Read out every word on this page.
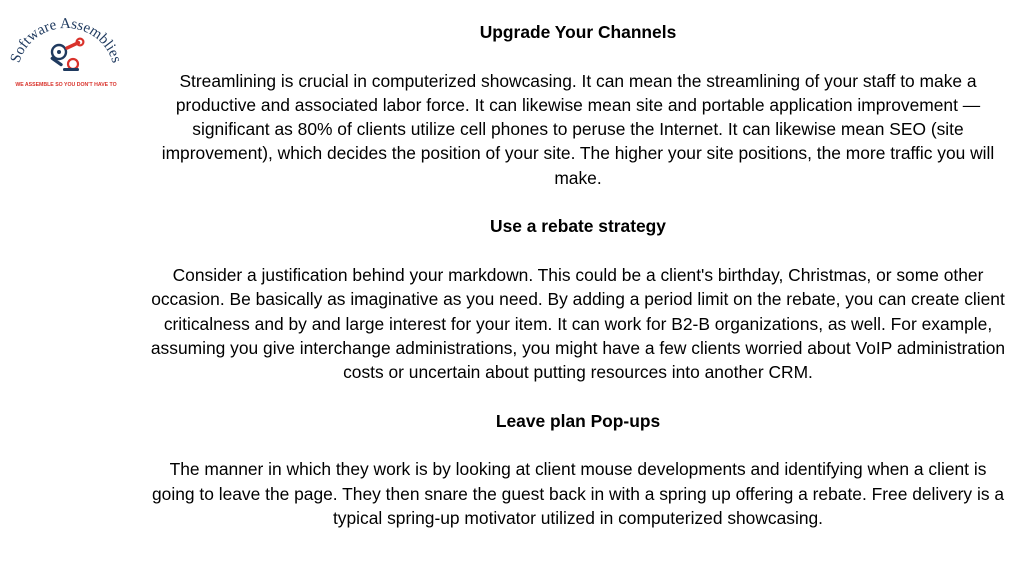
Software Assemblies
WE ASSEMBLE SO YOU DON'T HAVE TO

Upgrade Your Channels

Streamlining is crucial in computerized showcasing. It can mean the streamlining of your staff to make a productive and associated labor force. It can likewise mean site and portable application improvement — significant as 80% of clients utilize cell phones to peruse the Internet. It can likewise mean SEO (site improvement), which decides the position of your site. The higher your site positions, the more traffic you will make.

Use a rebate strategy

Consider a justification behind your markdown. This could be a client's birthday, Christmas, or some other occasion. Be basically as imaginative as you need. By adding a period limit on the rebate, you can create client criticalness and by and large interest for your item. It can work for B2-B organizations, as well. For example, assuming you give interchange administrations, you might have a few clients worried about VoIP administration costs or uncertain about putting resources into another CRM.

Leave plan Pop-ups

The manner in which they work is by looking at client mouse developments and identifying when a client is going to leave the page. They then snare the guest back in with a spring up offering a rebate. Free delivery is a typical spring-up motivator utilized in computerized showcasing.
